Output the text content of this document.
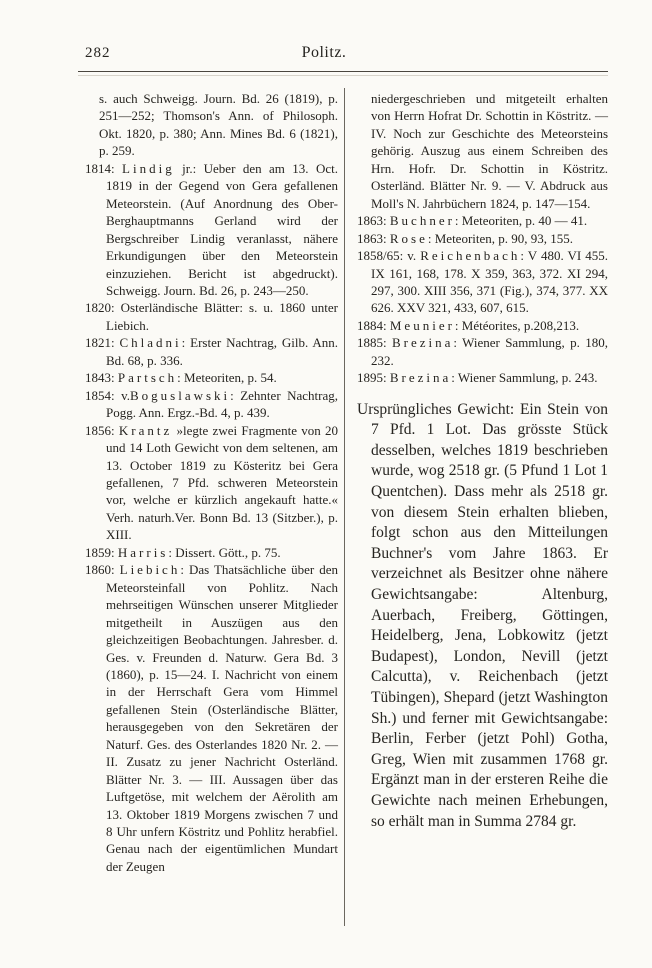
282	Politz.

s. auch Schweigg. Journ. Bd. 26 (1819), p. 251—252; Thomson's Ann. of Philosoph. Okt. 1820, p. 380; Ann. Mines Bd. 6 (1821), p. 259.

1814: Lindig jr.: Ueber den am 13. Oct. 1819 in der Gegend von Gera gefallenen Meteorstein. (Auf Anordnung des Ober-Berghauptmanns Gerland wird der Bergschreiber Lindig veranlasst, nähere Erkundigungen über den Meteorstein einzuziehen. Bericht ist abgedruckt). Schweigg. Journ. Bd. 26, p. 243—250.

1820: Osterländische Blätter: s. u. 1860 unter Liebich.

1821: Chladni: Erster Nachtrag, Gilb. Ann. Bd. 68, p. 336.

1843: Partsch: Meteoriten, p. 54.

1854: v.Boguslawski: Zehnter Nachtrag, Pogg. Ann. Ergz.-Bd. 4, p. 439.

1856: Krantz »legte zwei Fragmente von 20 und 14 Loth Gewicht von dem seltenen, am 13. October 1819 zu Kösteritz bei Gera gefallenen, 7 Pfd. schweren Meteorstein vor, welche er kürzlich angekauft hatte.« Verh. naturh.Ver. Bonn Bd. 13 (Sitzber.), p. XIII.

1859: Harris: Dissert. Gött., p. 75.

1860: Liebich: Das Thatsächliche über den Meteorsteinfall von Pohlitz. Nach mehrseitigen Wünschen unserer Mitglieder mitgetheilt in Auszügen aus den gleichzeitigen Beobachtungen. Jahresber. d. Ges. v. Freunden d. Naturw. Gera Bd. 3 (1860), p. 15—24. I. Nachricht von einem in der Herrschaft Gera vom Himmel gefallenen Stein (Osterländische Blätter, herausgegeben von den Sekretären der Naturf. Ges. des Osterlandes 1820 Nr. 2. — II. Zusatz zu jener Nachricht Osterländ. Blätter Nr. 3. — III. Aussagen über das Luftgetöse, mit welchem der Aërolith am 13. Oktober 1819 Morgens zwischen 7 und 8 Uhr unfern Köstritz und Pohlitz herabfiel. Genau nach der eigentümlichen Mundart der Zeugen

niedergeschrieben und mitgeteilt erhalten von Herrn Hofrat Dr. Schottin in Köstritz. — IV. Noch zur Geschichte des Meteorsteins gehörig. Auszug aus einem Schreiben des Hrn. Hofr. Dr. Schottin in Köstritz. Osterländ. Blätter Nr. 9. — V. Abdruck aus Moll's N. Jahrbüchern 1824, p. 147—154.

1863: Buchner: Meteoriten, p. 40 — 41.

1863: Rose: Meteoriten, p. 90, 93, 155.

1858/65: v. Reichenbach: V 480. VI 455. IX 161, 168, 178. X 359, 363, 372. XI 294, 297, 300. XIII 356, 371 (Fig.), 374, 377. XX 626. XXV 321, 433, 607, 615.

1884: Meunier: Météorites, p.208,213.

1885: Brezina: Wiener Sammlung, p. 180, 232.

1895: Brezina: Wiener Sammlung, p. 243.

Ursprüngliches Gewicht: Ein Stein von 7 Pfd. 1 Lot. Das grösste Stück desselben, welches 1819 beschrieben wurde, wog 2518 gr. (5 Pfund 1 Lot 1 Quentchen). Dass mehr als 2518 gr. von diesem Stein erhalten blieben, folgt schon aus den Mitteilungen Buchner's vom Jahre 1863. Er verzeichnet als Besitzer ohne nähere Gewichtsangabe: Altenburg, Auerbach, Freiberg, Göttingen, Heidelberg, Jena, Lobkowitz (jetzt Budapest), London, Nevill (jetzt Calcutta), v. Reichenbach (jetzt Tübingen), Shepard (jetzt Washington Sh.) und ferner mit Gewichtsangabe: Berlin, Ferber (jetzt Pohl) Gotha, Greg, Wien mit zusammen 1768 gr. Ergänzt man in der ersteren Reihe die Gewichte nach meinen Erhebungen, so erhält man in Summa 2784 gr.
